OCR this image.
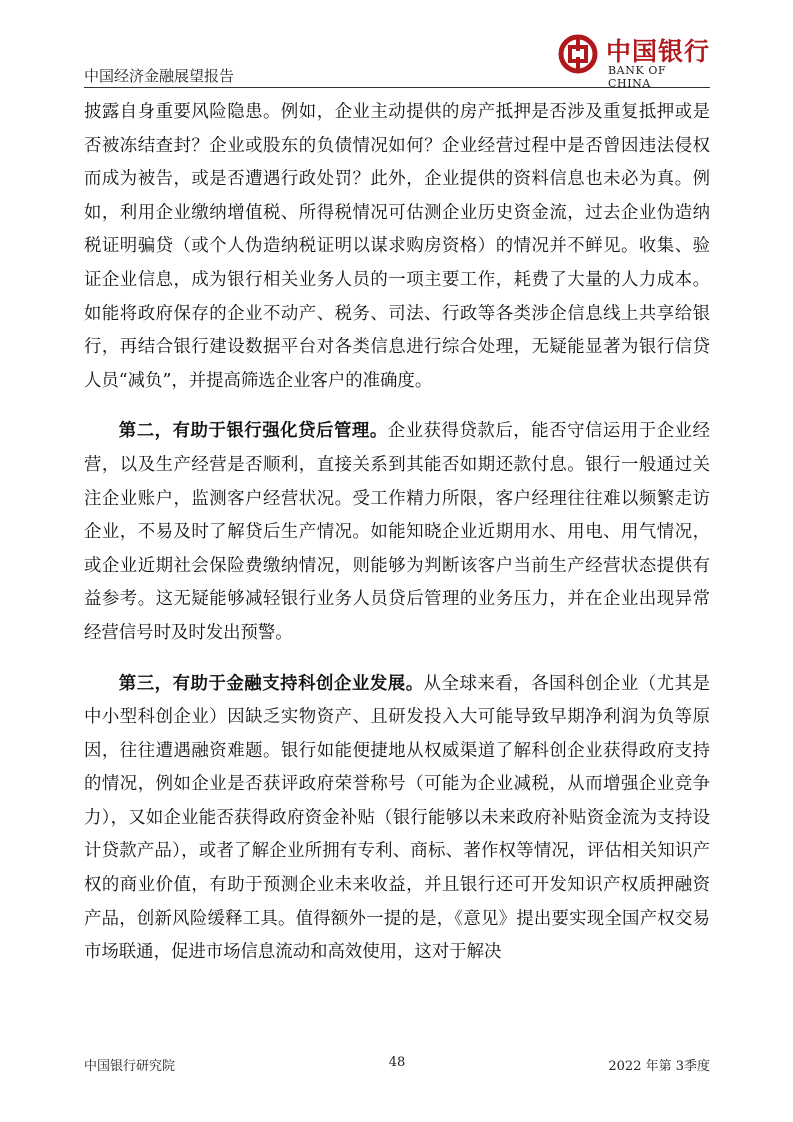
中国经济金融展望报告
中国银行
BANK OF CHINA

披露自身重要风险隐患。例如，企业主动提供的房产抵押是否涉及重复抵押或是否被冻结查封？企业或股东的负债情况如何？企业经营过程中是否曾因违法侵权而成为被告，或是否遭遇行政处罚？此外，企业提供的资料信息也未必为真。例如，利用企业缴纳增值税、所得税情况可估测企业历史资金流，过去企业伪造纳税证明骗贷（或个人伪造纳税证明以谋求购房资格）的情况并不鲜见。收集、验证企业信息，成为银行相关业务人员的一项主要工作，耗费了大量的人力成本。如能将政府保存的企业不动产、税务、司法、行政等各类涉企信息线上共享给银行，再结合银行建设数据平台对各类信息进行综合处理，无疑能显著为银行信贷人员“减负”，并提高筛选企业客户的准确度。

第二，有助于银行强化贷后管理。企业获得贷款后，能否守信运用于企业经营，以及生产经营是否顺利，直接关系到其能否如期还款付息。银行一般通过关注企业账户，监测客户经营状况。受工作精力所限，客户经理往往难以频繁走访企业，不易及时了解贷后生产情况。如能知晓企业近期用水、用电、用气情况，或企业近期社会保险费缴纳情况，则能够为判断该客户当前生产经营状态提供有益参考。这无疑能够减轻银行业务人员贷后管理的业务压力，并在企业出现异常经营信号时及时发出预警。

第三，有助于金融支持科创企业发展。从全球来看，各国科创企业（尤其是中小型科创企业）因缺乏实物资产、且研发投入大可能导致早期净利润为负等原因，往往遭遇融资难题。银行如能便捷地从权威渠道了解科创企业获得政府支持的情况，例如企业是否获评政府荣誉称号（可能为企业减税，从而增强企业竞争力），又如企业能否获得政府资金补贴（银行能够以未来政府补贴资金流为支持设计贷款产品），或者了解企业所拥有专利、商标、著作权等情况，评估相关知识产权的商业价值，有助于预测企业未来收益，并且银行还可开发知识产权质押融资产品，创新风险缓释工具。值得额外一提的是，《意见》提出要实现全国产权交易市场联通，促进市场信息流动和高效使用，这对于解决

中国银行研究院	48	2022 年第 3季度
